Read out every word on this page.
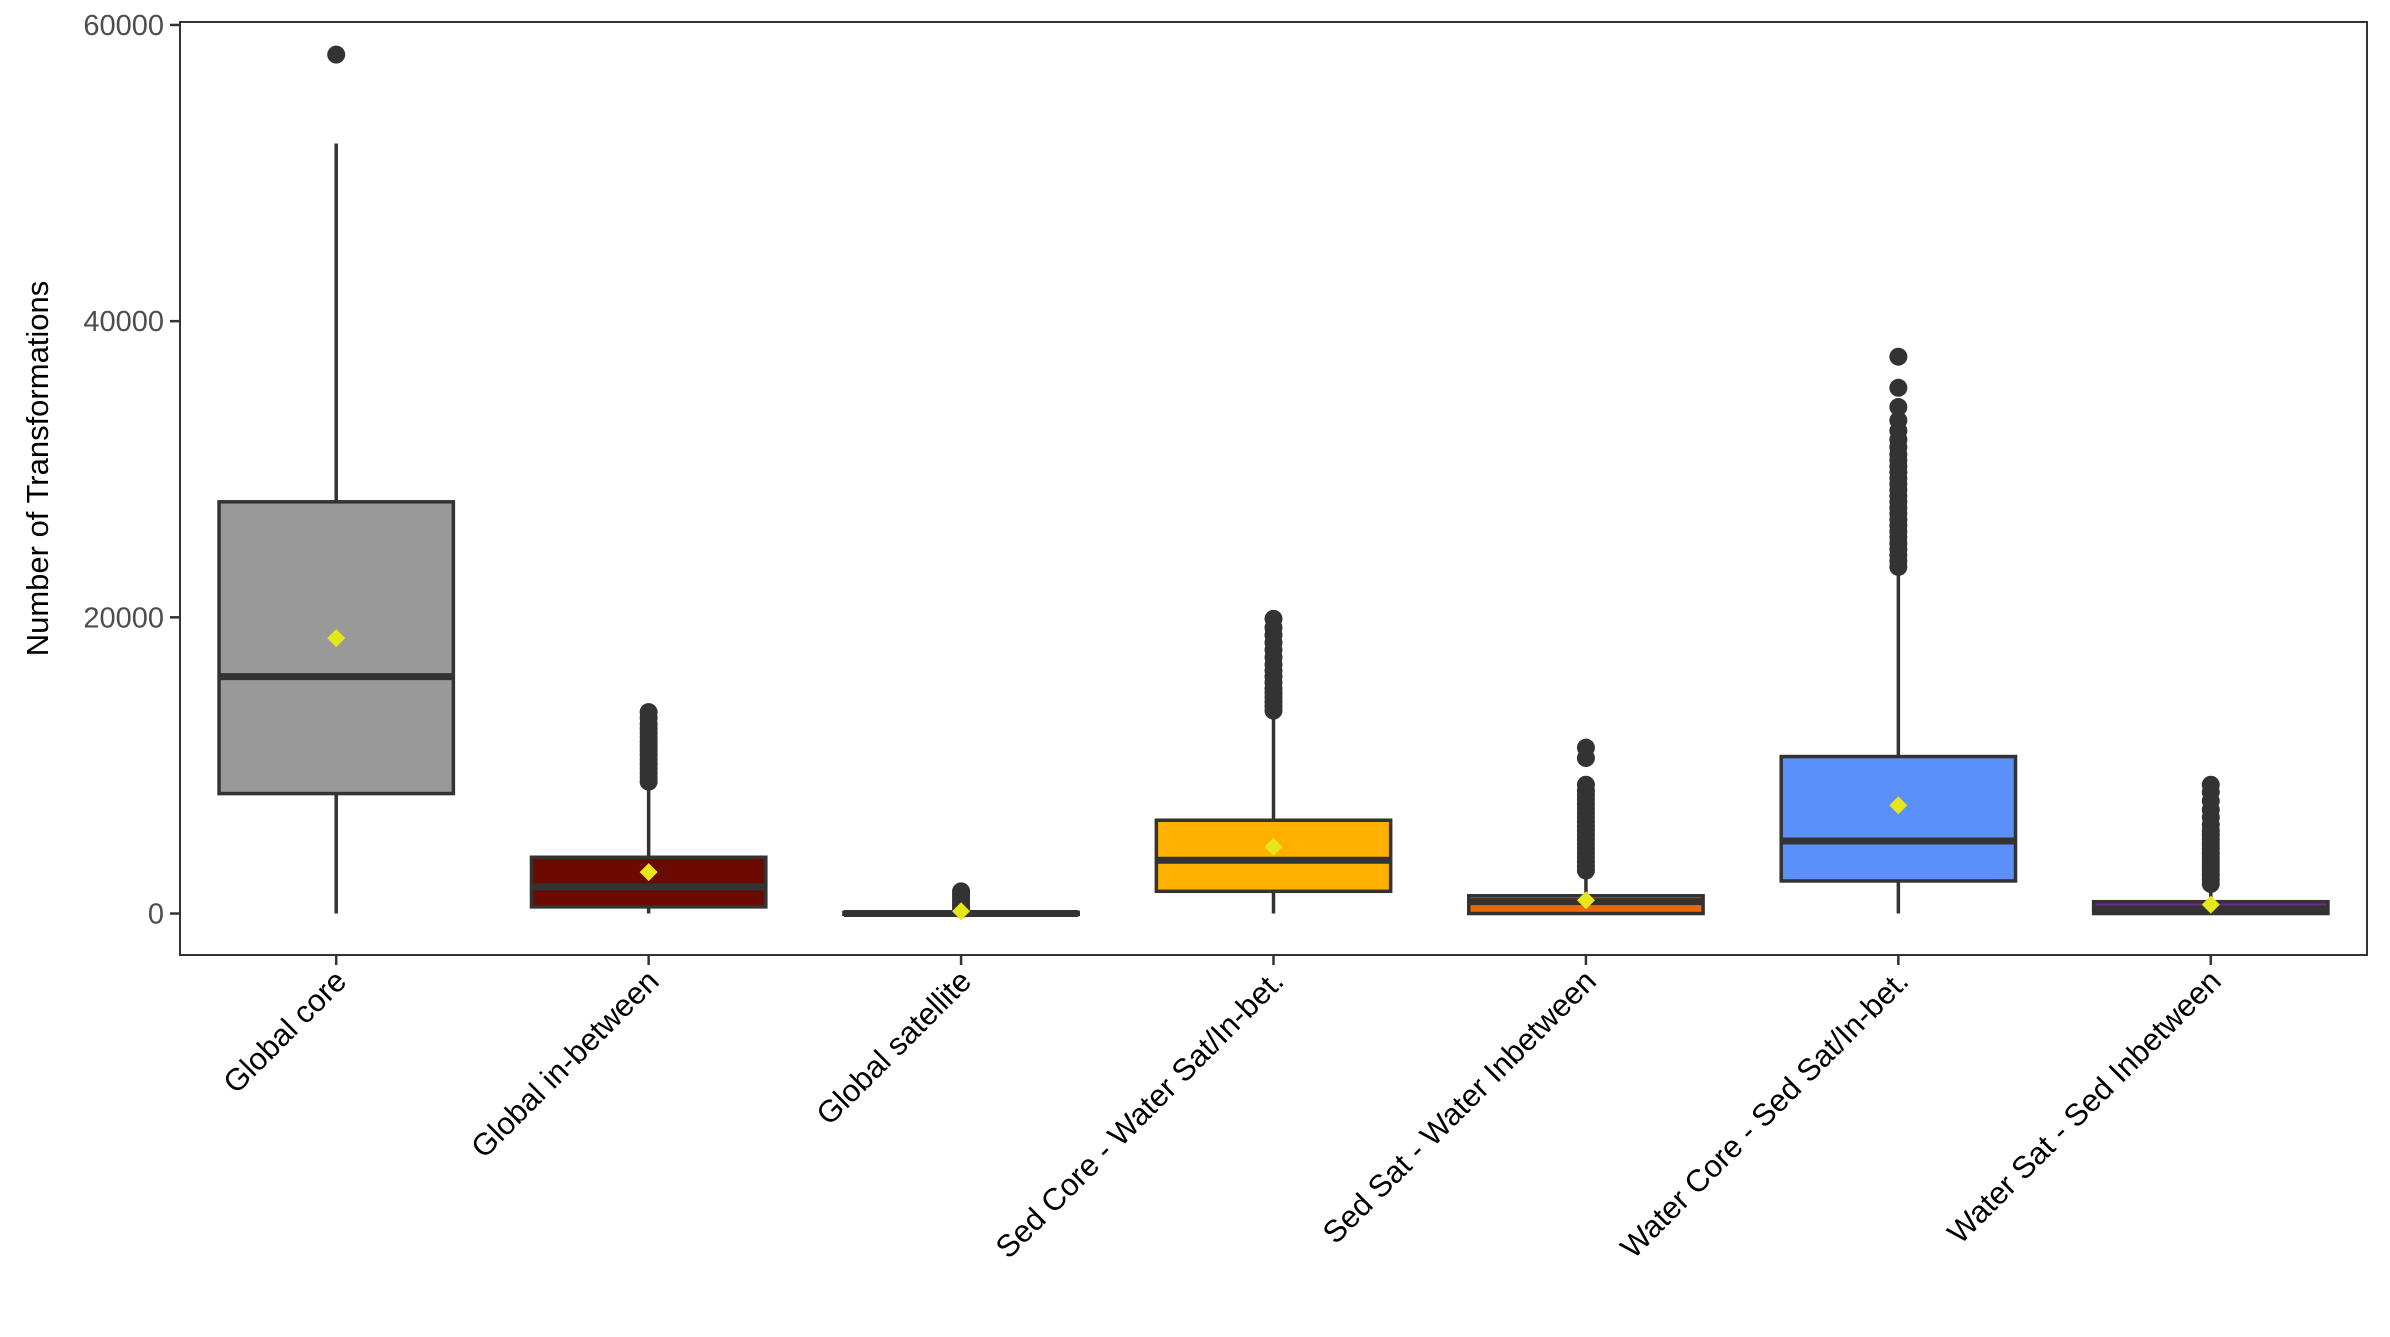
0
20000
40000
60000
Global core	Global in-between	Global satellite Sed Core - Water Sat/In-bet. Sed Sat - Water Inbetween Water Core - Sed Sat/In-bet. Water Sat - Sed Inbetween
Number of Transformations
